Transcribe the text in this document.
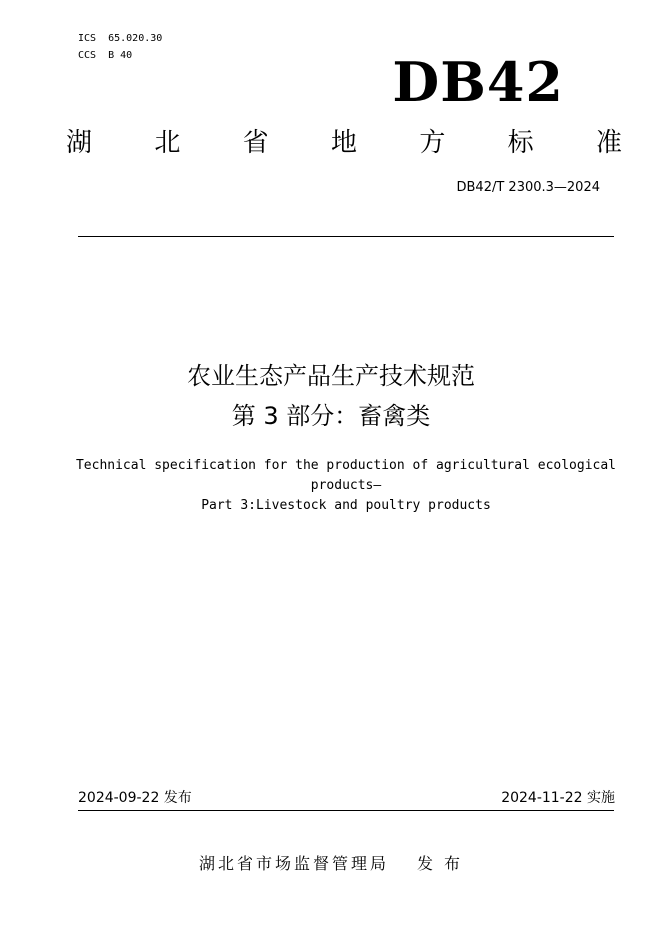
ICS  65.020.30
CCS  B 40	DB42
湖 北 省 地 方 标 准
DB42/T 2300.3—2024
农业生态产品生产技术规范
第 3 部分：畜禽类
Technical specification for the production of agricultural ecological
products—
Part 3:Livestock and poultry products
2024-09-22 发布	2024-11-22 实施
湖北省市场监督管理局 发 布
